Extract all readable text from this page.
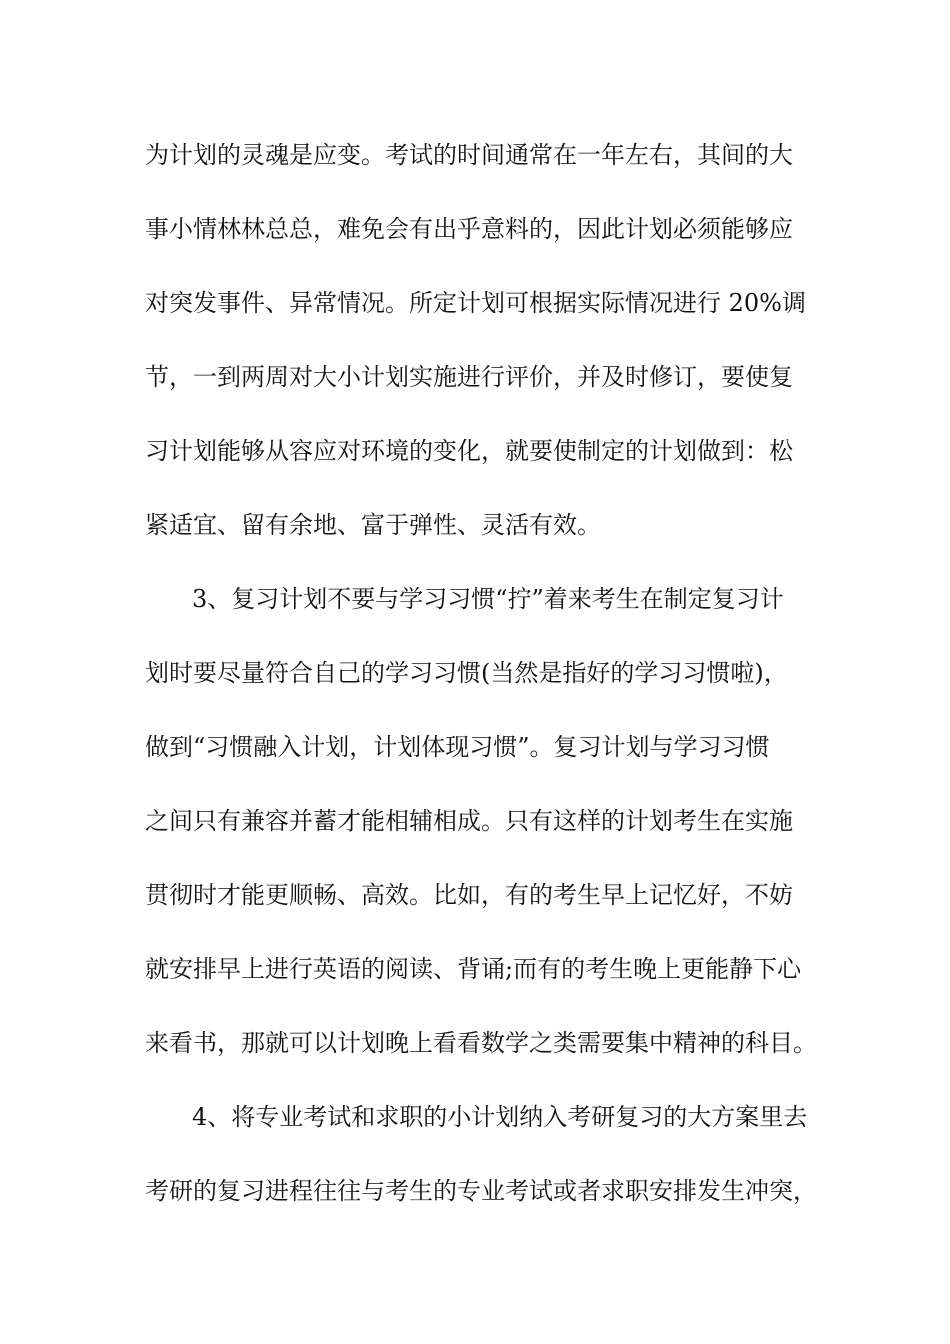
为计划的灵魂是应变。考试的时间通常在一年左右，其间的大
事小情林林总总，难免会有出乎意料的，因此计划必须能够应
对突发事件、异常情况。所定计划可根据实际情况进行 20%调
节，一到两周对大小计划实施进行评价，并及时修订，要使复
习计划能够从容应对环境的变化，就要使制定的计划做到：松
紧适宜、留有余地、富于弹性、灵活有效。
3、复习计划不要与学习习惯“拧”着来考生在制定复习计
划时要尽量符合自己的学习习惯(当然是指好的学习习惯啦)，
做到“习惯融入计划，计划体现习惯”。复习计划与学习习惯
之间只有兼容并蓄才能相辅相成。只有这样的计划考生在实施
贯彻时才能更顺畅、高效。比如，有的考生早上记忆好，不妨
就安排早上进行英语的阅读、背诵;而有的考生晚上更能静下心
来看书，那就可以计划晚上看看数学之类需要集中精神的科目。
4、将专业考试和求职的小计划纳入考研复习的大方案里去
考研的复习进程往往与考生的专业考试或者求职安排发生冲突，
